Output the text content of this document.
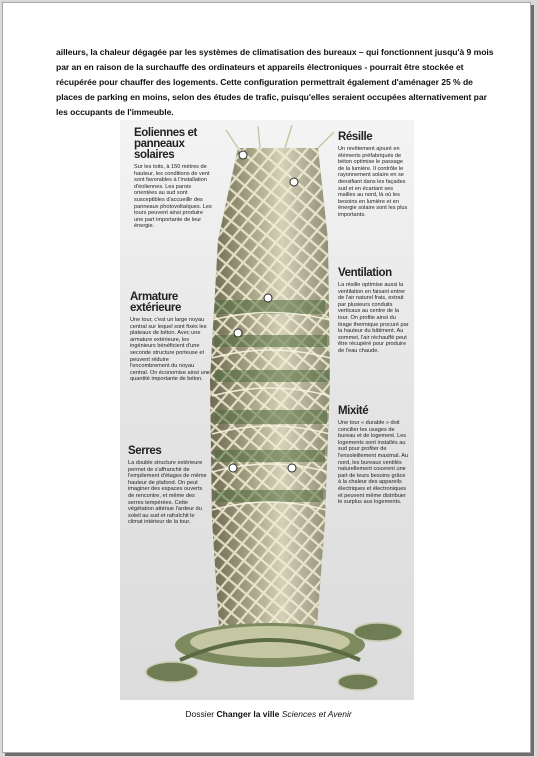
ailleurs, la chaleur dégagée par les systèmes de climatisation des bureaux – qui fonctionnent jusqu'à 9 mois par an en raison de la surchauffe des ordinateurs et appareils électroniques - pourrait être stockée et récupérée pour chauffer des logements. Cette configuration permettrait également d'aménager 25 % de places de parking en moins, selon des études de trafic, puisqu'elles seraient occupées alternativement par les occupants de l'immeuble.
Eoliennes et panneaux solaires

Sur les toits, à 150 mètres de hauteur, les conditions de vent sont favorables à l'installation d'éoliennes. Les parois orientées au sud sont susceptibles d'accueillir des panneaux photovoltaïques. Les tours peuvent ainsi produire une part importante de leur énergie.

Armature extérieure

Une tour, c'est un large noyau central sur lequel sont fixés les plateaux de béton. Avec une armature extérieure, les ingénieurs bénéficient d'une seconde structure porteuse et peuvent réduire l'encombrement du noyau central. On économise ainsi une quantité importante de béton.

Serres

La double structure extérieure permet de s'affranchir de l'empilement d'étages de même hauteur de plafond. On peut imaginer des espaces ouverts de rencontre, et même des serres tempérées. Cette végétation atténue l'ardeur du soleil au sud et rafraîchit le climat intérieur de la tour.

Résille

Un revêtement ajouré en éléments préfabriqués de béton optimise le passage de la lumière. Il contrôle le rayonnement solaire en se densifiant dans les façades sud et en écartant ses mailles au nord, là où les besoins en lumière et en énergie solaire sont les plus importants.

Ventilation

La résille optimise aussi la ventilation en faisant entrer de l'air naturel frais, extrait par plusieurs conduits verticaux au centre de la tour. On profite ainsi du tirage thermique procuré par la hauteur du bâtiment. Au sommet, l'air réchauffé peut être récupéré pour produire de l'eau chaude.

Mixité

Une tour « durable » doit concilier les usages de bureau et de logement. Les logements sont installés au sud pour profiter de l'ensoleillement maximal. Au nord, les bureaux ventilés naturellement couvrent une part de leurs besoins grâce à la chaleur des appareils électriques et électroniques et peuvent même distribuer le surplus aux logements.

Dossier Changer la ville Sciences et Avenir
